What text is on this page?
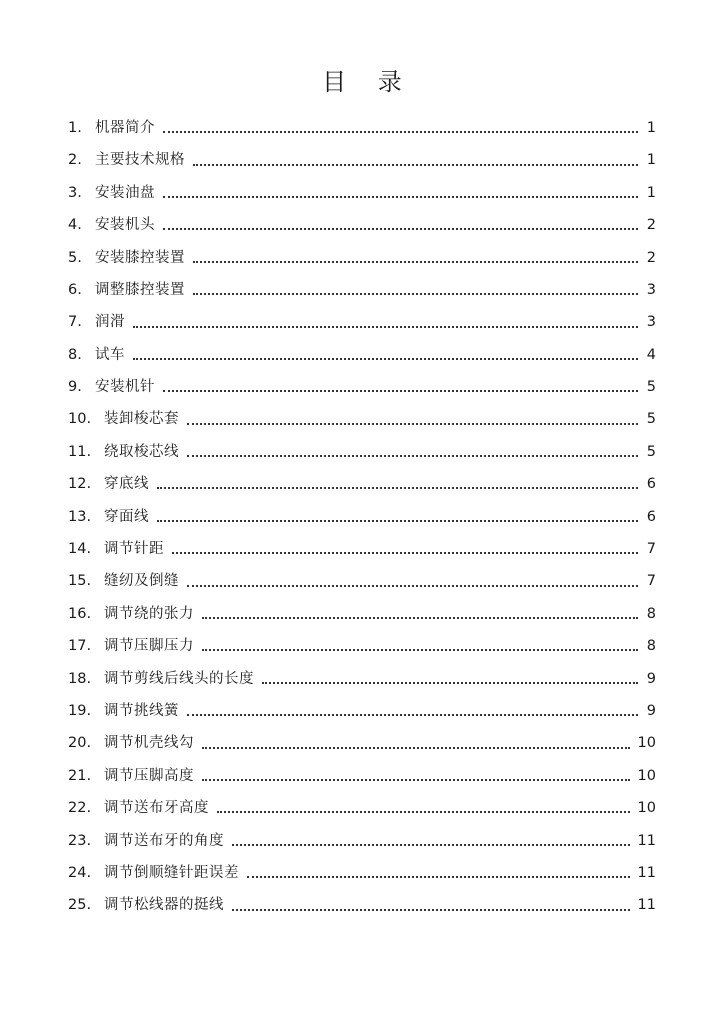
目 录
1. 机器简介	1
2. 主要技术规格	1
3. 安装油盘	1
4. 安装机头	2
5. 安装膝控装置	2
6. 调整膝控装置	3
7. 润滑	3
8. 试车	4
9. 安装机针	5
10. 装卸梭芯套	5
11. 绕取梭芯线	5
12. 穿底线	6
13. 穿面线	6
14. 调节针距	7
15. 缝纫及倒缝	7
16. 调节绕的张力	8
17. 调节压脚压力	8
18. 调节剪线后线头的长度	9
19. 调节挑线簧	9
20. 调节机壳线勾	10
21. 调节压脚高度	10
22. 调节送布牙高度	10
23. 调节送布牙的角度	11
24. 调节倒顺缝针距误差	11
25. 调节松线器的挺线	11
